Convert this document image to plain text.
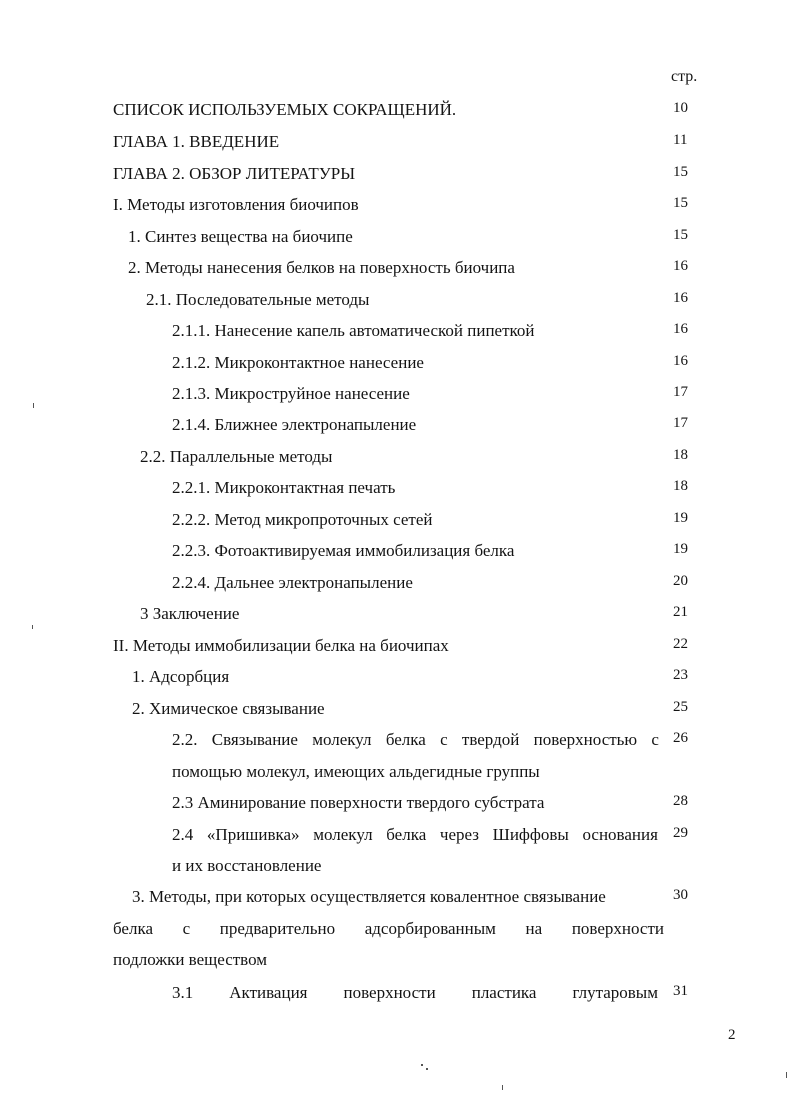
стр.
СПИСОК ИСПОЛЬЗУЕМЫХ СОКРАЩЕНИЙ.	10
ГЛАВА 1. ВВЕДЕНИЕ	11
ГЛАВА 2. ОБЗОР ЛИТЕРАТУРЫ	15
I. Методы изготовления биочипов	15
1. Синтез вещества на биочипе	15
2. Методы нанесения белков на поверхность биочипа	16
2.1. Последовательные методы	16
2.1.1. Нанесение капель автоматической пипеткой	16
2.1.2. Микроконтактное нанесение	16
2.1.3. Микроструйное нанесение	17
2.1.4. Ближнее электронапыление	17
2.2. Параллельные методы	18
2.2.1. Микроконтактная печать	18
2.2.2. Метод микропроточных сетей	19
2.2.3. Фотоактивируемая иммобилизация белка	19
2.2.4. Дальнее электронапыление	20
3 Заключение	21
II. Методы иммобилизации белка на биочипах	22
1. Адсорбция	23
2. Химическое связывание	25
2.2. Связывание молекул белка с твердой поверхностью с 26
помощью молекул, имеющих альдегидные группы
2.3 Аминирование поверхности твердого субстрата	28
2.4 «Пришивка» молекул белка через Шиффовы основания 29
и их восстановление
3. Методы, при которых осуществляется ковалентное связывание	30
белка с предварительно адсорбированным на поверхности
подложки веществом
3.1 Активация поверхности пластика глутаровым 31
2
